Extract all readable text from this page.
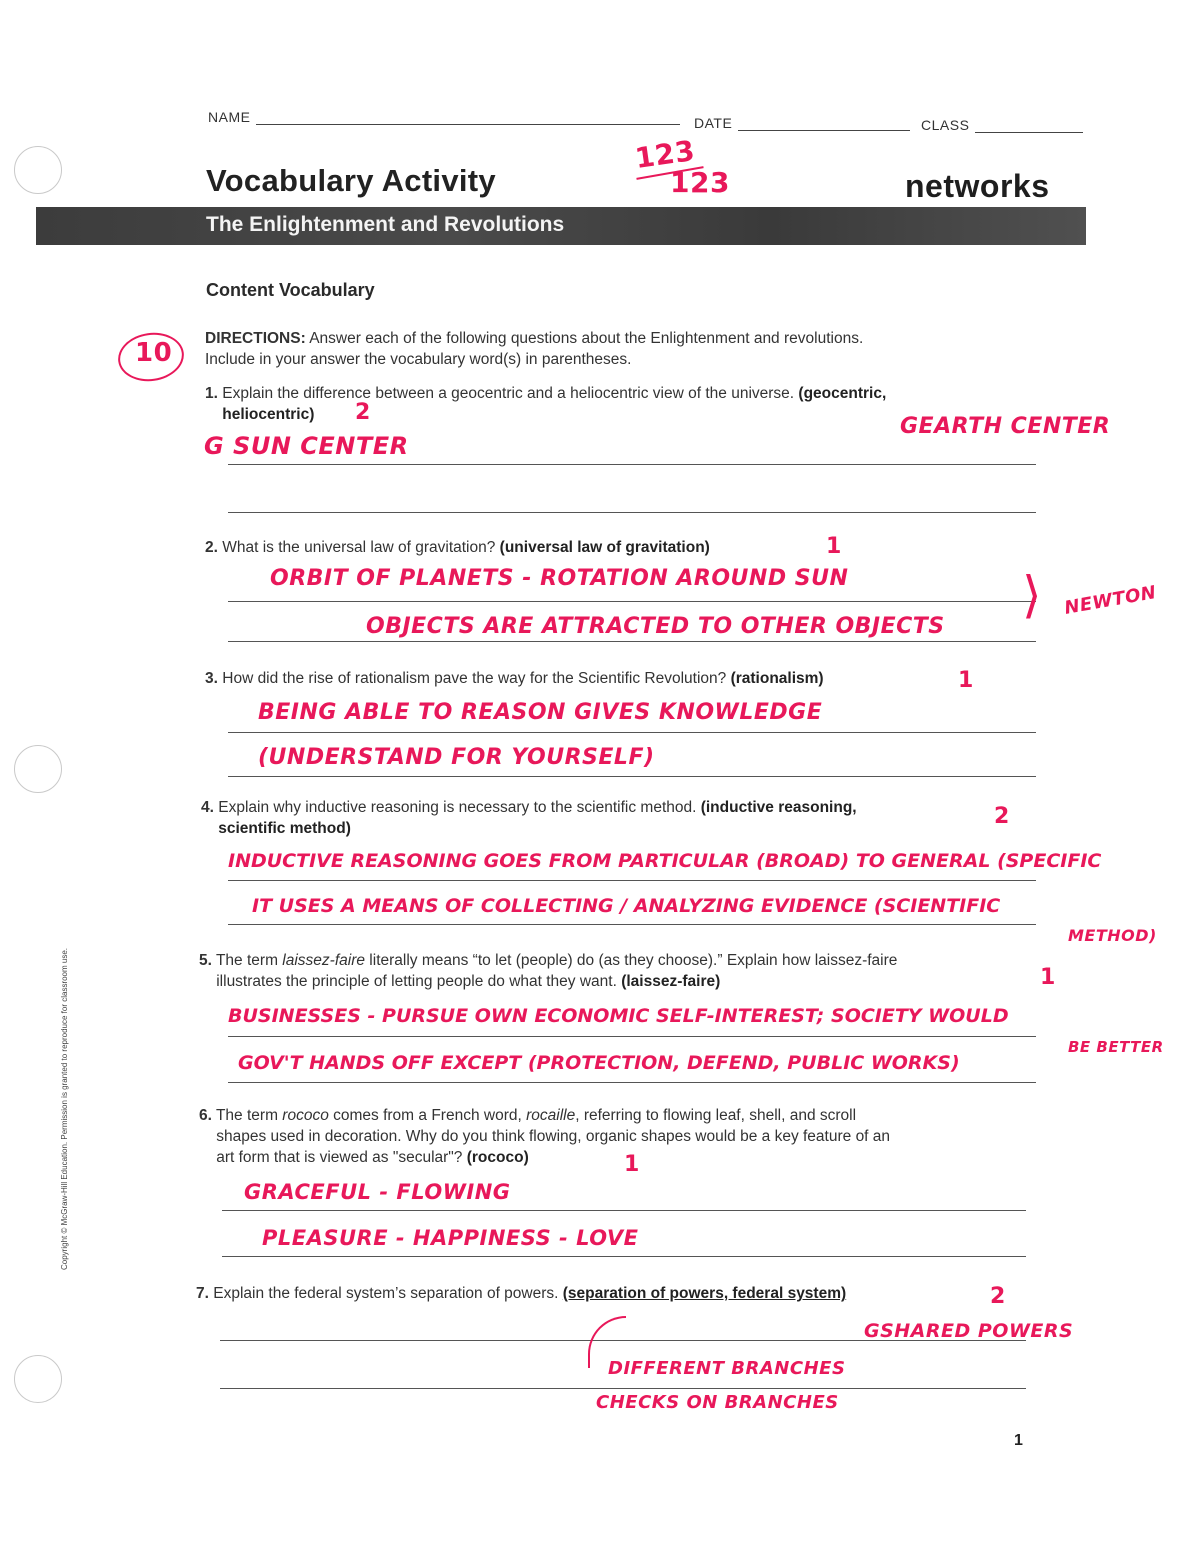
NAME	DATE	CLASS
Vocabulary Activity
123
123	networks
The Enlightenment and Revolutions
Content Vocabulary
10 DIRECTIONS: Answer each of the following questions about the Enlightenment and revolutions.
Include in your answer the vocabulary word(s) in parentheses.
1. Explain the difference between a geocentric and a heliocentric view of the universe. (geocentric,
heliocentric)	2
G SUN CENTER
GEARTH CENTER
2. What is the universal law of gravitation? (universal law of gravitation)	1
ORBIT OF PLANETS - ROTATION AROUND SUN
OBJECTS ARE ATTRACTED TO OTHER OBJECTS
⟩ NEWTON
3. How did the rise of rationalism pave the way for the Scientific Revolution? (rationalism)	1
BEING ABLE TO REASON GIVES KNOWLEDGE
(UNDERSTAND FOR YOURSELF)
4. Explain why inductive reasoning is necessary to the scientific method. (inductive reasoning,
scientific method)	2
INDUCTIVE REASONING GOES FROM PARTICULAR (BROAD) TO GENERAL (SPECIFIC
IT USES A MEANS OF COLLECTING / ANALYZING EVIDENCE (SCIENTIFIC
METHOD)
5. The term laissez-faire literally means “to let (people) do (as they choose).” Explain how laissez-faire
illustrates the principle of letting people do what they want. (laissez-faire)	1
BUSINESSES - PURSUE OWN ECONOMIC SELF-INTEREST; SOCIETY WOULD
BE BETTER
GOV'T HANDS OFF EXCEPT (PROTECTION, DEFEND, PUBLIC WORKS)
6. The term rococo comes from a French word, rocaille, referring to flowing leaf, shell, and scroll
shapes used in decoration. Why do you think flowing, organic shapes would be a key feature of an
art form that is viewed as "secular"? (rococo)	1
GRACEFUL - FLOWING
PLEASURE - HAPPINESS - LOVE
7. Explain the federal system’s separation of powers. (separation of powers, federal system)	2
GSHARED POWERS
DIFFERENT BRANCHES
CHECKS ON BRANCHES
Copyright © McGraw-Hill Education. Permission is granted to reproduce for classroom use.
1
